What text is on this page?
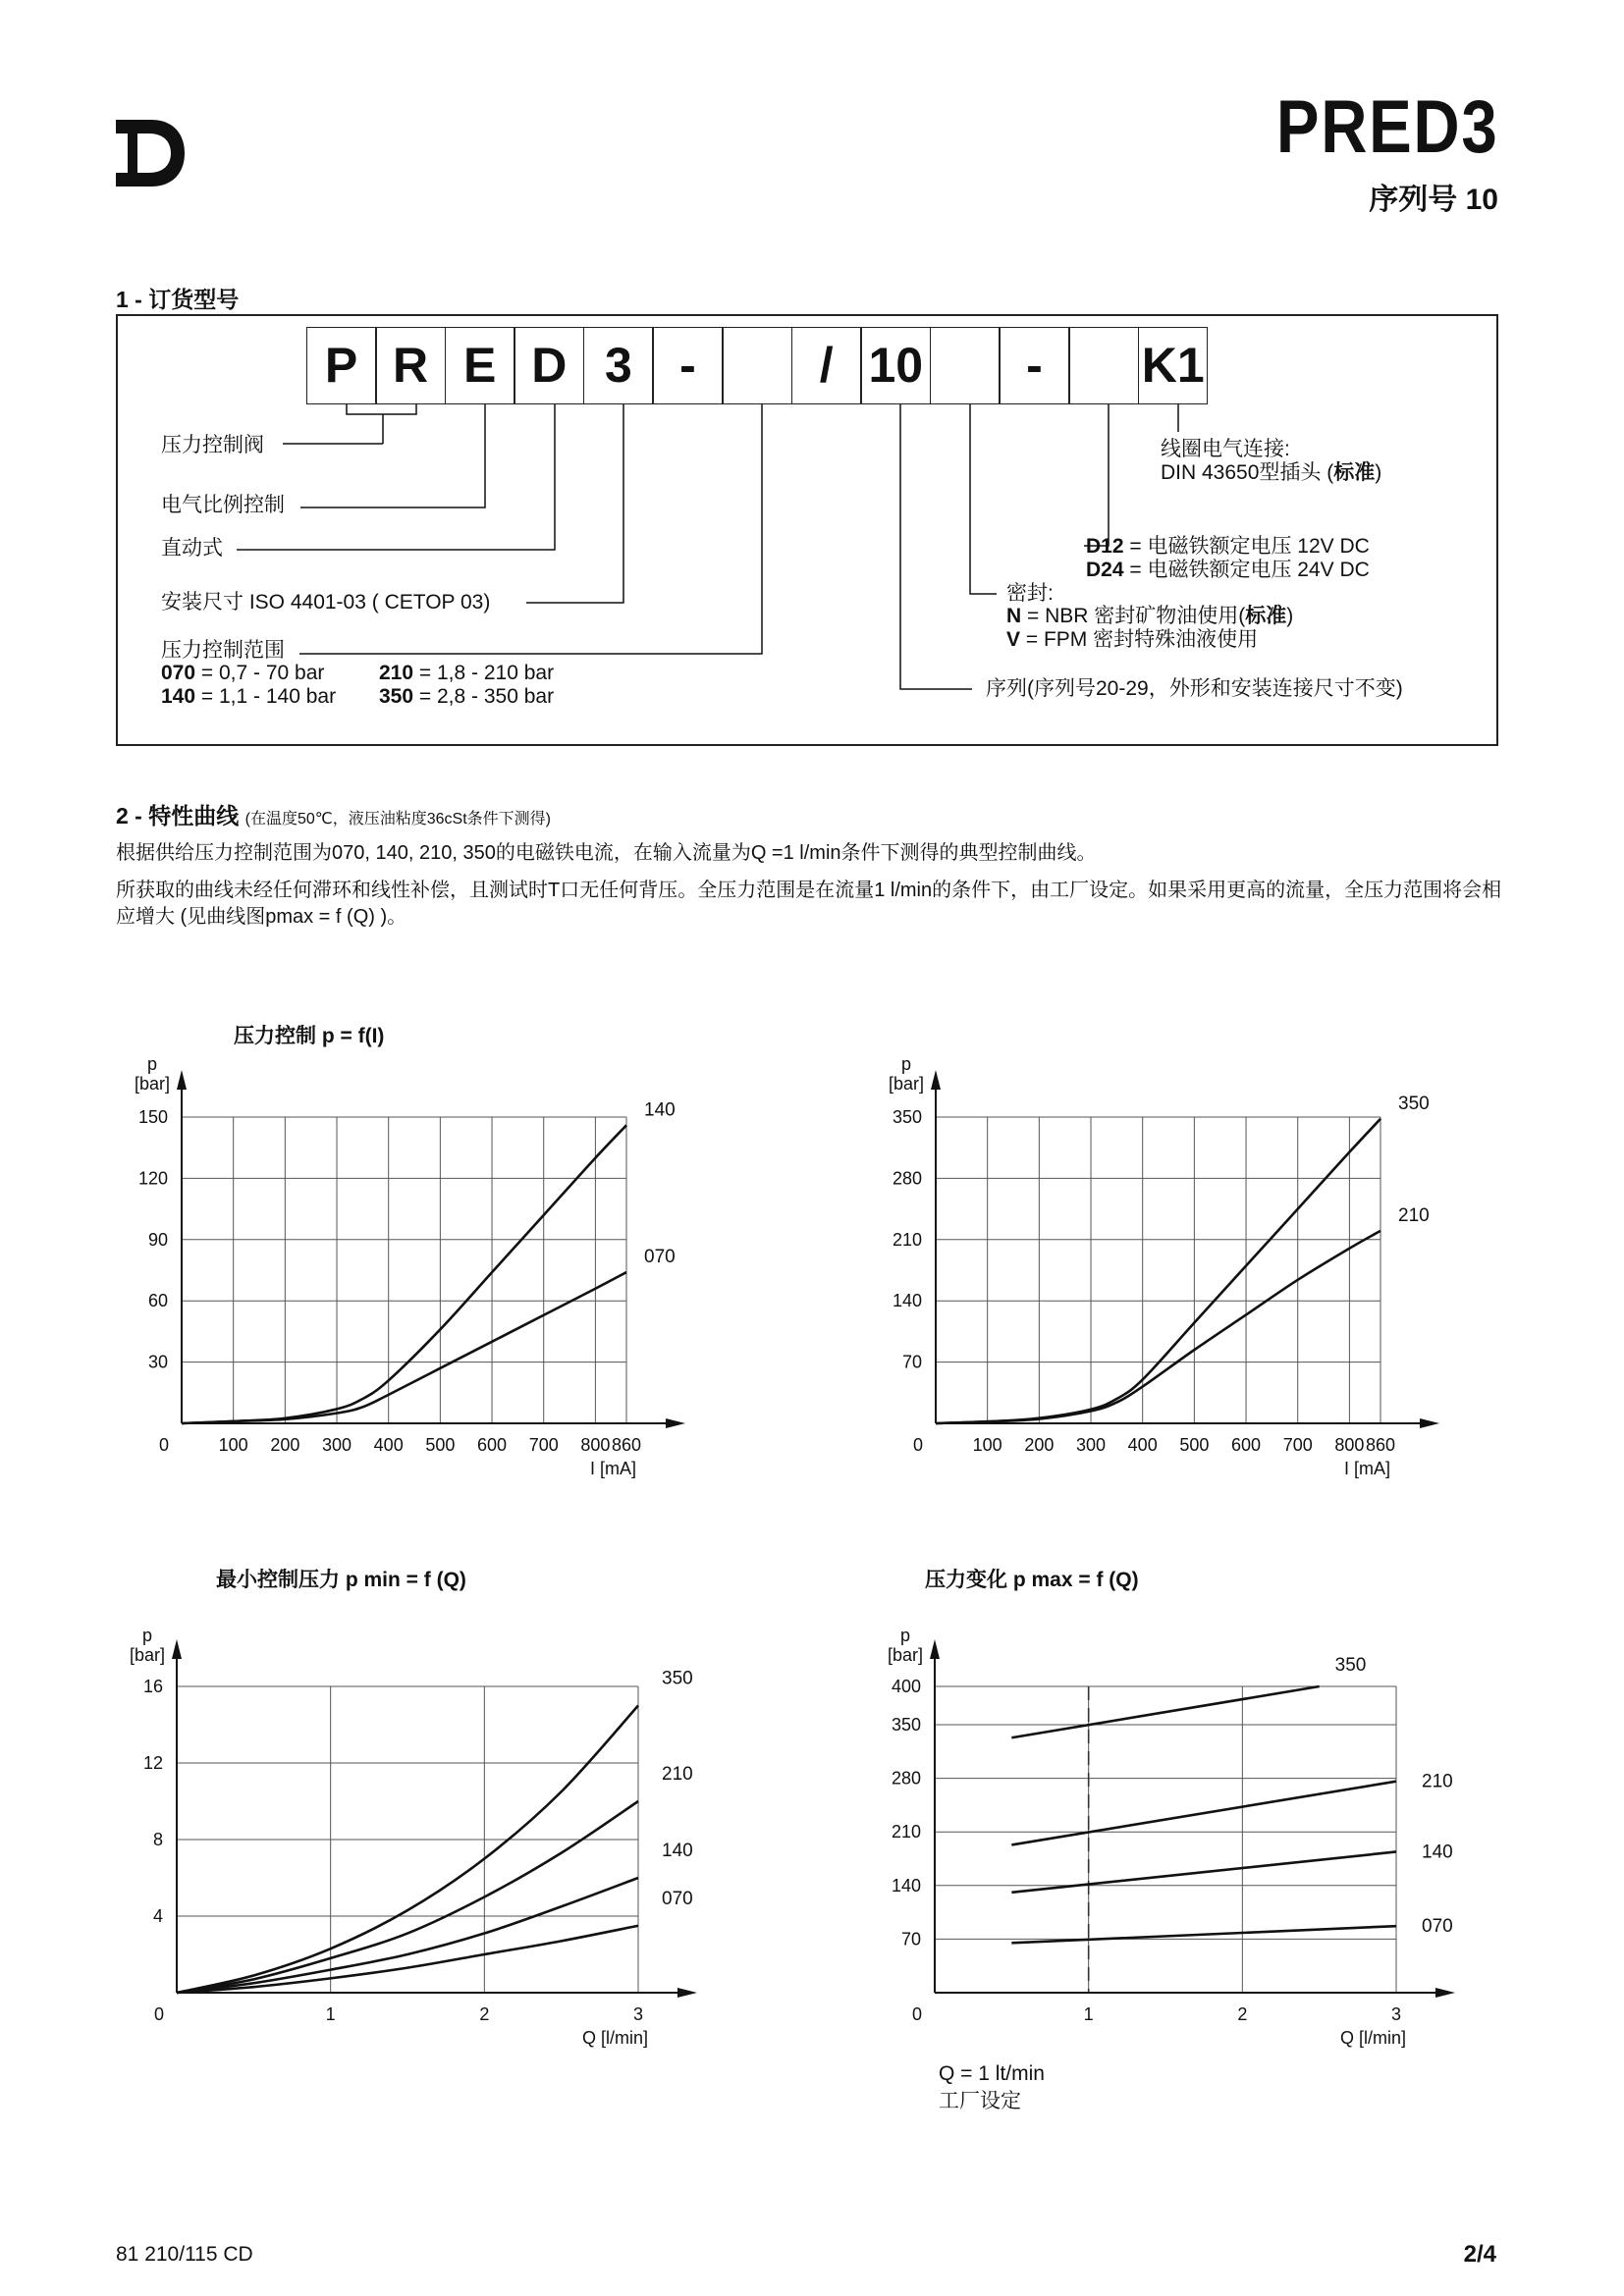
PRED3
序列号 10
1 - 订货型号
P R E D 3 -	/ 10	-	K1
压力控制阀
电气比例控制
直动式
安装尺寸 ISO 4401-03 ( CETOP 03)
压力控制范围
070 = 0,7 - 70 bar
140 = 1,1 - 140 bar
210 = 1,8 - 210 bar
350 = 2,8 - 350 bar
线圈电气连接:
DIN 43650型插头 (标准)
D12 = 电磁铁额定电压 12V DC
D24 = 电磁铁额定电压 24V DC
密封:
N = NBR 密封矿物油使用(标准)
V = FPM 密封特殊油液使用
序列(序列号20-29，外形和安装连接尺寸不变)
2 - 特性曲线 (在温度50℃，液压油粘度36cSt条件下测得)
根据供给压力控制范围为070, 140, 210, 350的电磁铁电流，在输入流量为Q =1 l/min条件下测得的典型控制曲线。
所获取的曲线未经任何滞环和线性补偿，且测试时T口无任何背压。全压力范围是在流量1 l/min的条件下，由工厂设定。如果采用更高的流量，全压力范围将会相应增大 (见曲线图pmax = f (Q) )。
压力控制 p = f(I)
最小控制压力 p min = f (Q)	压力变化 p max = f (Q)
Q = 1 lt/min
工厂设定
p
[bar]
I [mA]
0	100 200 300 400 500 600 700 800 860
30
60
90
120
150	140
070
p
[bar]
I [mA]
0	100 200 300 400 500 600 700 800 860
70
140
210
280
350
350
210
p
[bar]
Q [l/min]
0	1	2	3
4
8
12
16	350
210
140
070
p
[bar]
Q [l/min]
0	1	2	3
70
140
210
280
350
400
350
210
140
070
81 210/115 CD	2/4
